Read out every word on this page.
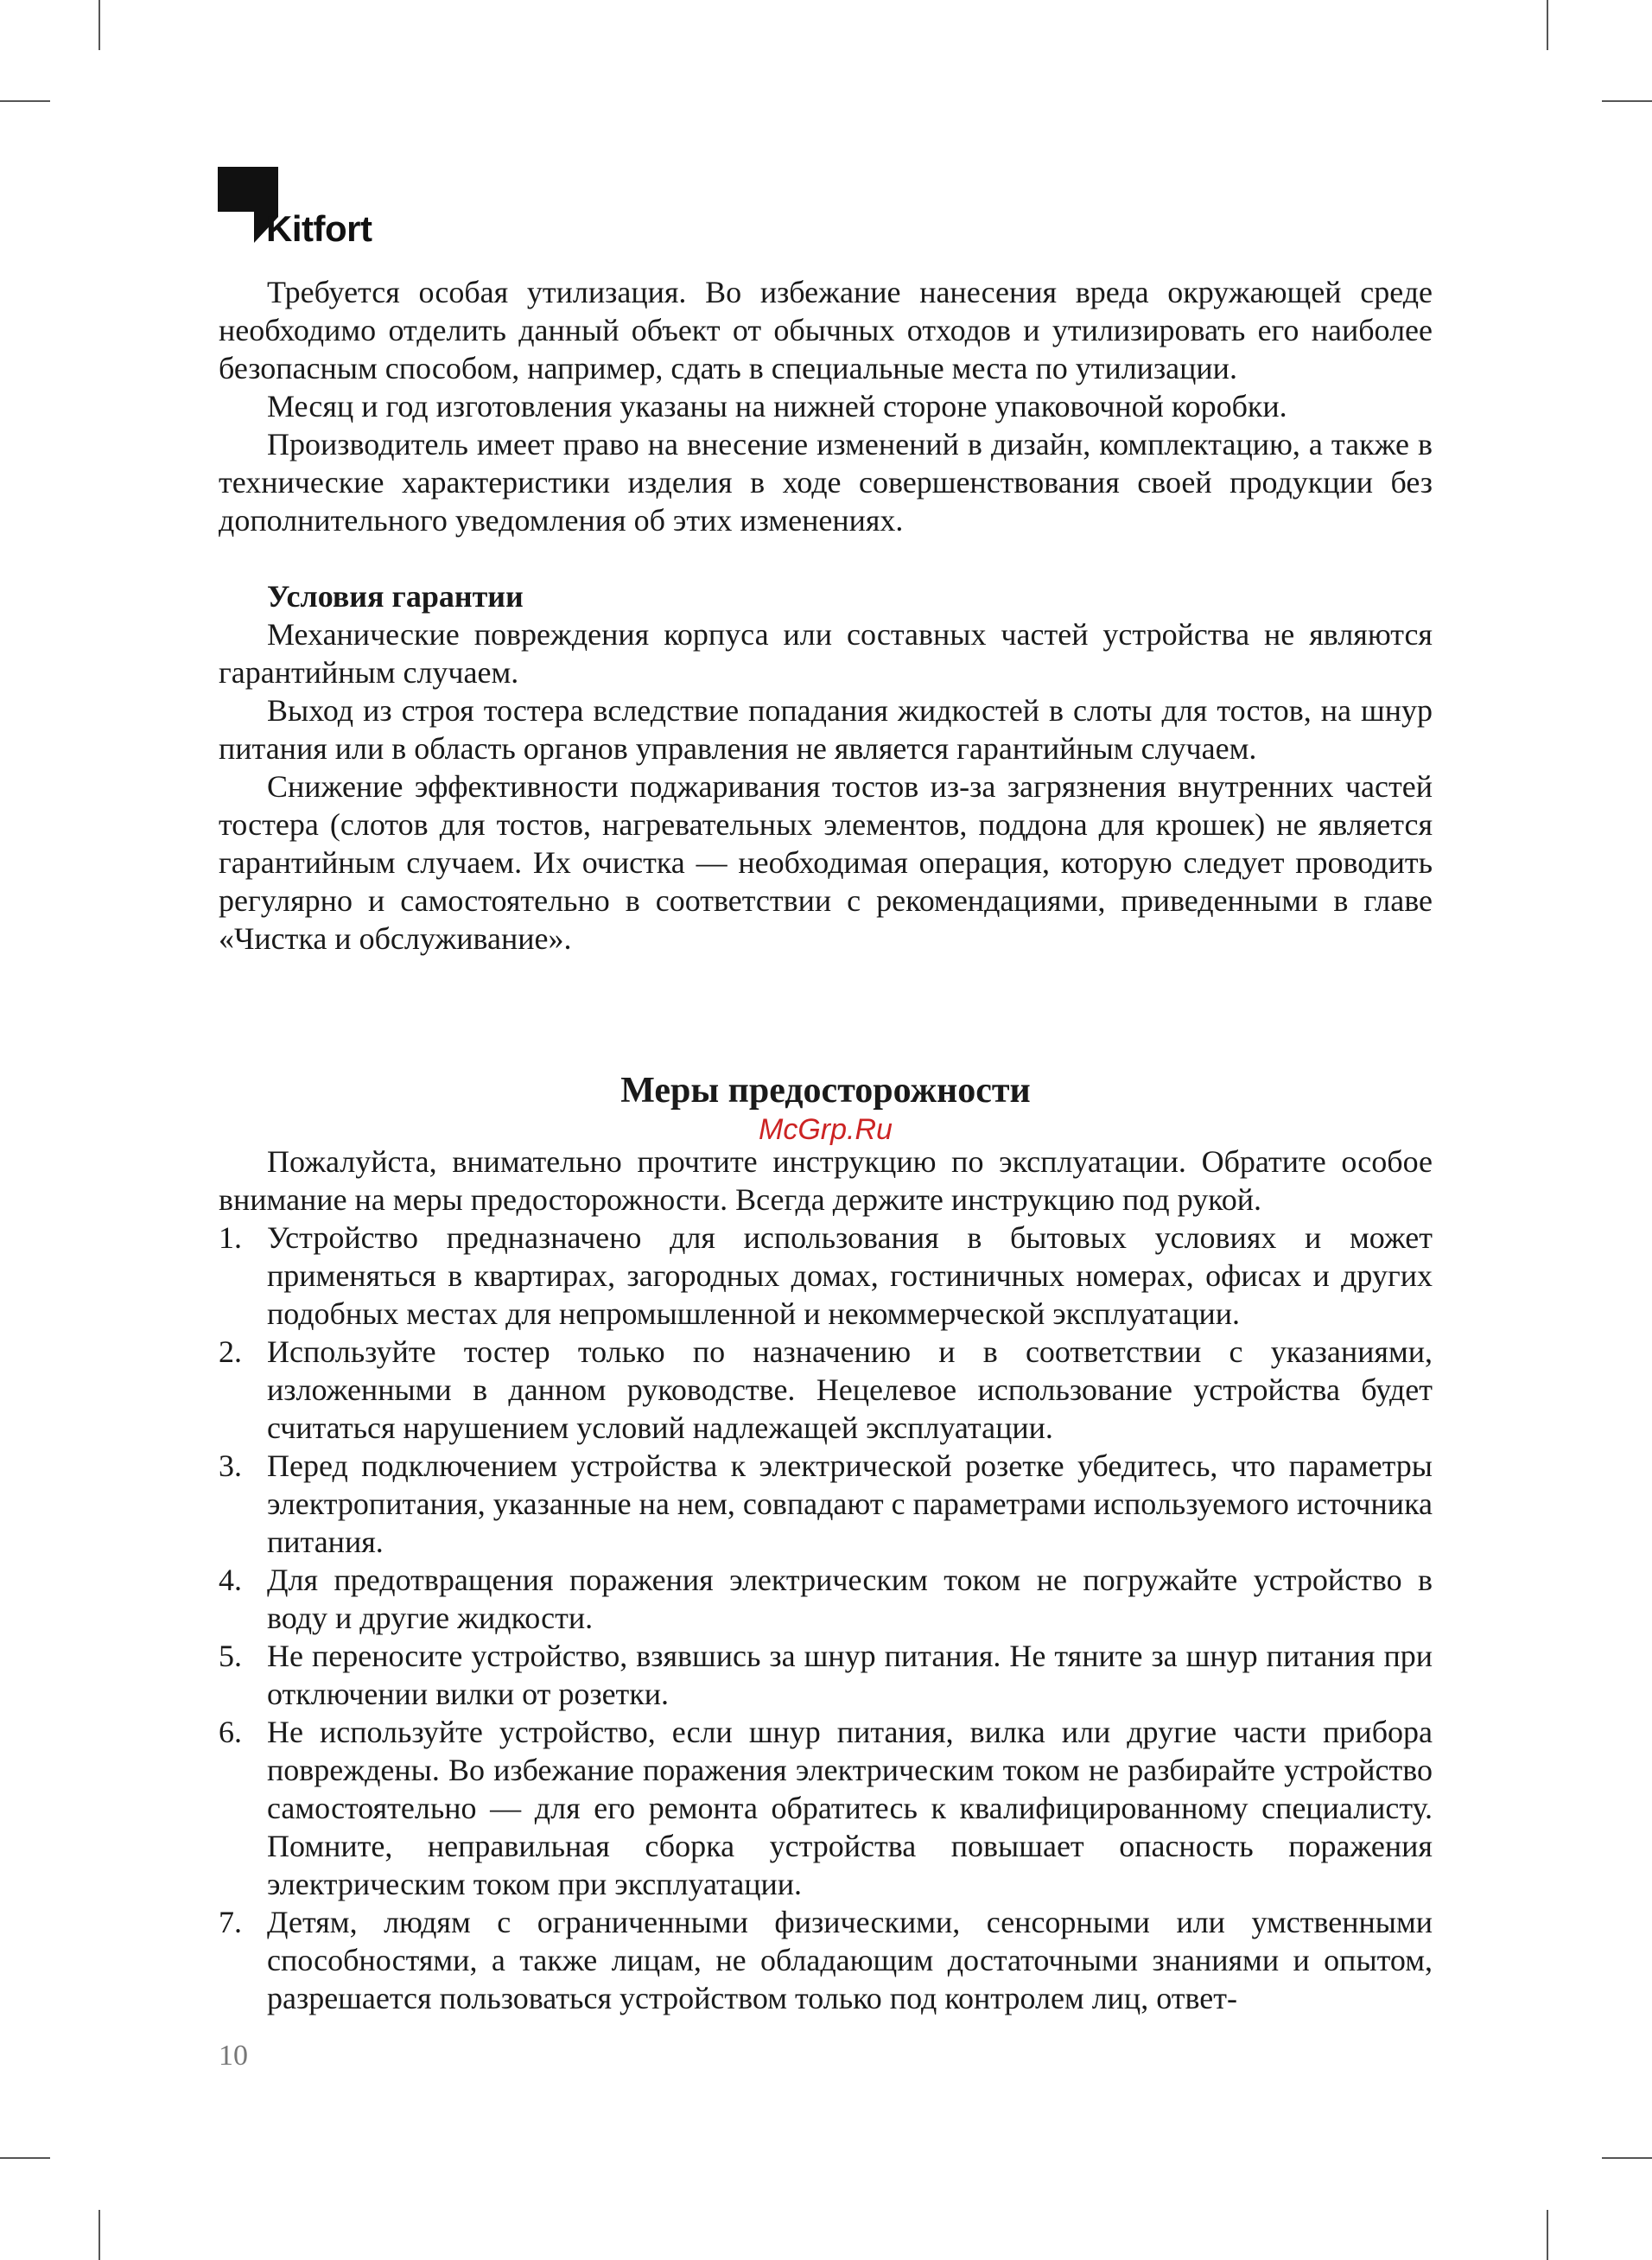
Kitfort

Требуется особая утилизация. Во избежание нанесения вреда окружающей среде необходимо отделить данный объект от обычных отходов и утилизировать его наиболее безопасным способом, например, сдать в специальные места по утилизации.

Месяц и год изготовления указаны на нижней стороне упаковочной коробки.

Производитель имеет право на внесение изменений в дизайн, комплектацию, а также в технические характеристики изделия в ходе совершенствования своей продукции без дополнительного уведомления об этих изменениях.

Условия гарантии

Механические повреждения корпуса или составных частей устройства не являются гарантийным случаем.

Выход из строя тостера вследствие попадания жидкостей в слоты для тостов, на шнур питания или в область органов управления не является гарантийным случаем.

Снижение эффективности поджаривания тостов из-за загрязнения внутренних частей тостера (слотов для тостов, нагревательных элементов, поддона для крошек) не является гарантийным случаем. Их очистка — необходимая операция, которую следует проводить регулярно и самостоятельно в соответствии с рекомендациями, приведенными в главе «Чистка и обслуживание».

Меры предосторожности
McGrp.Ru

Пожалуйста, внимательно прочтите инструкцию по эксплуатации. Обратите особое внимание на меры предосторожности. Всегда держите инструкцию под рукой.

1. Устройство предназначено для использования в бытовых условиях и может применяться в квартирах, загородных домах, гостиничных номерах, офисах и других подобных местах для непромышленной и некоммерческой эксплуатации.
2. Используйте тостер только по назначению и в соответствии с указаниями, изложенными в данном руководстве. Нецелевое использование устройства будет считаться нарушением условий надлежащей эксплуатации.
3. Перед подключением устройства к электрической розетке убедитесь, что параметры электропитания, указанные на нем, совпадают с параметрами используемого источника питания.
4. Для предотвращения поражения электрическим током не погружайте устройство в воду и другие жидкости.
5. Не переносите устройство, взявшись за шнур питания. Не тяните за шнур питания при отключении вилки от розетки.
6. Не используйте устройство, если шнур питания, вилка или другие части прибора повреждены. Во избежание поражения электрическим током не разбирайте устройство самостоятельно — для его ремонта обратитесь к квалифицированному специалисту. Помните, неправильная сборка устройства повышает опасность поражения электрическим током при эксплуатации.
7. Детям, людям с ограниченными физическими, сенсорными или умственными способностями, а также лицам, не обладающим достаточными знаниями и опытом, разрешается пользоваться устройством только под контролем лиц, ответ-
10
